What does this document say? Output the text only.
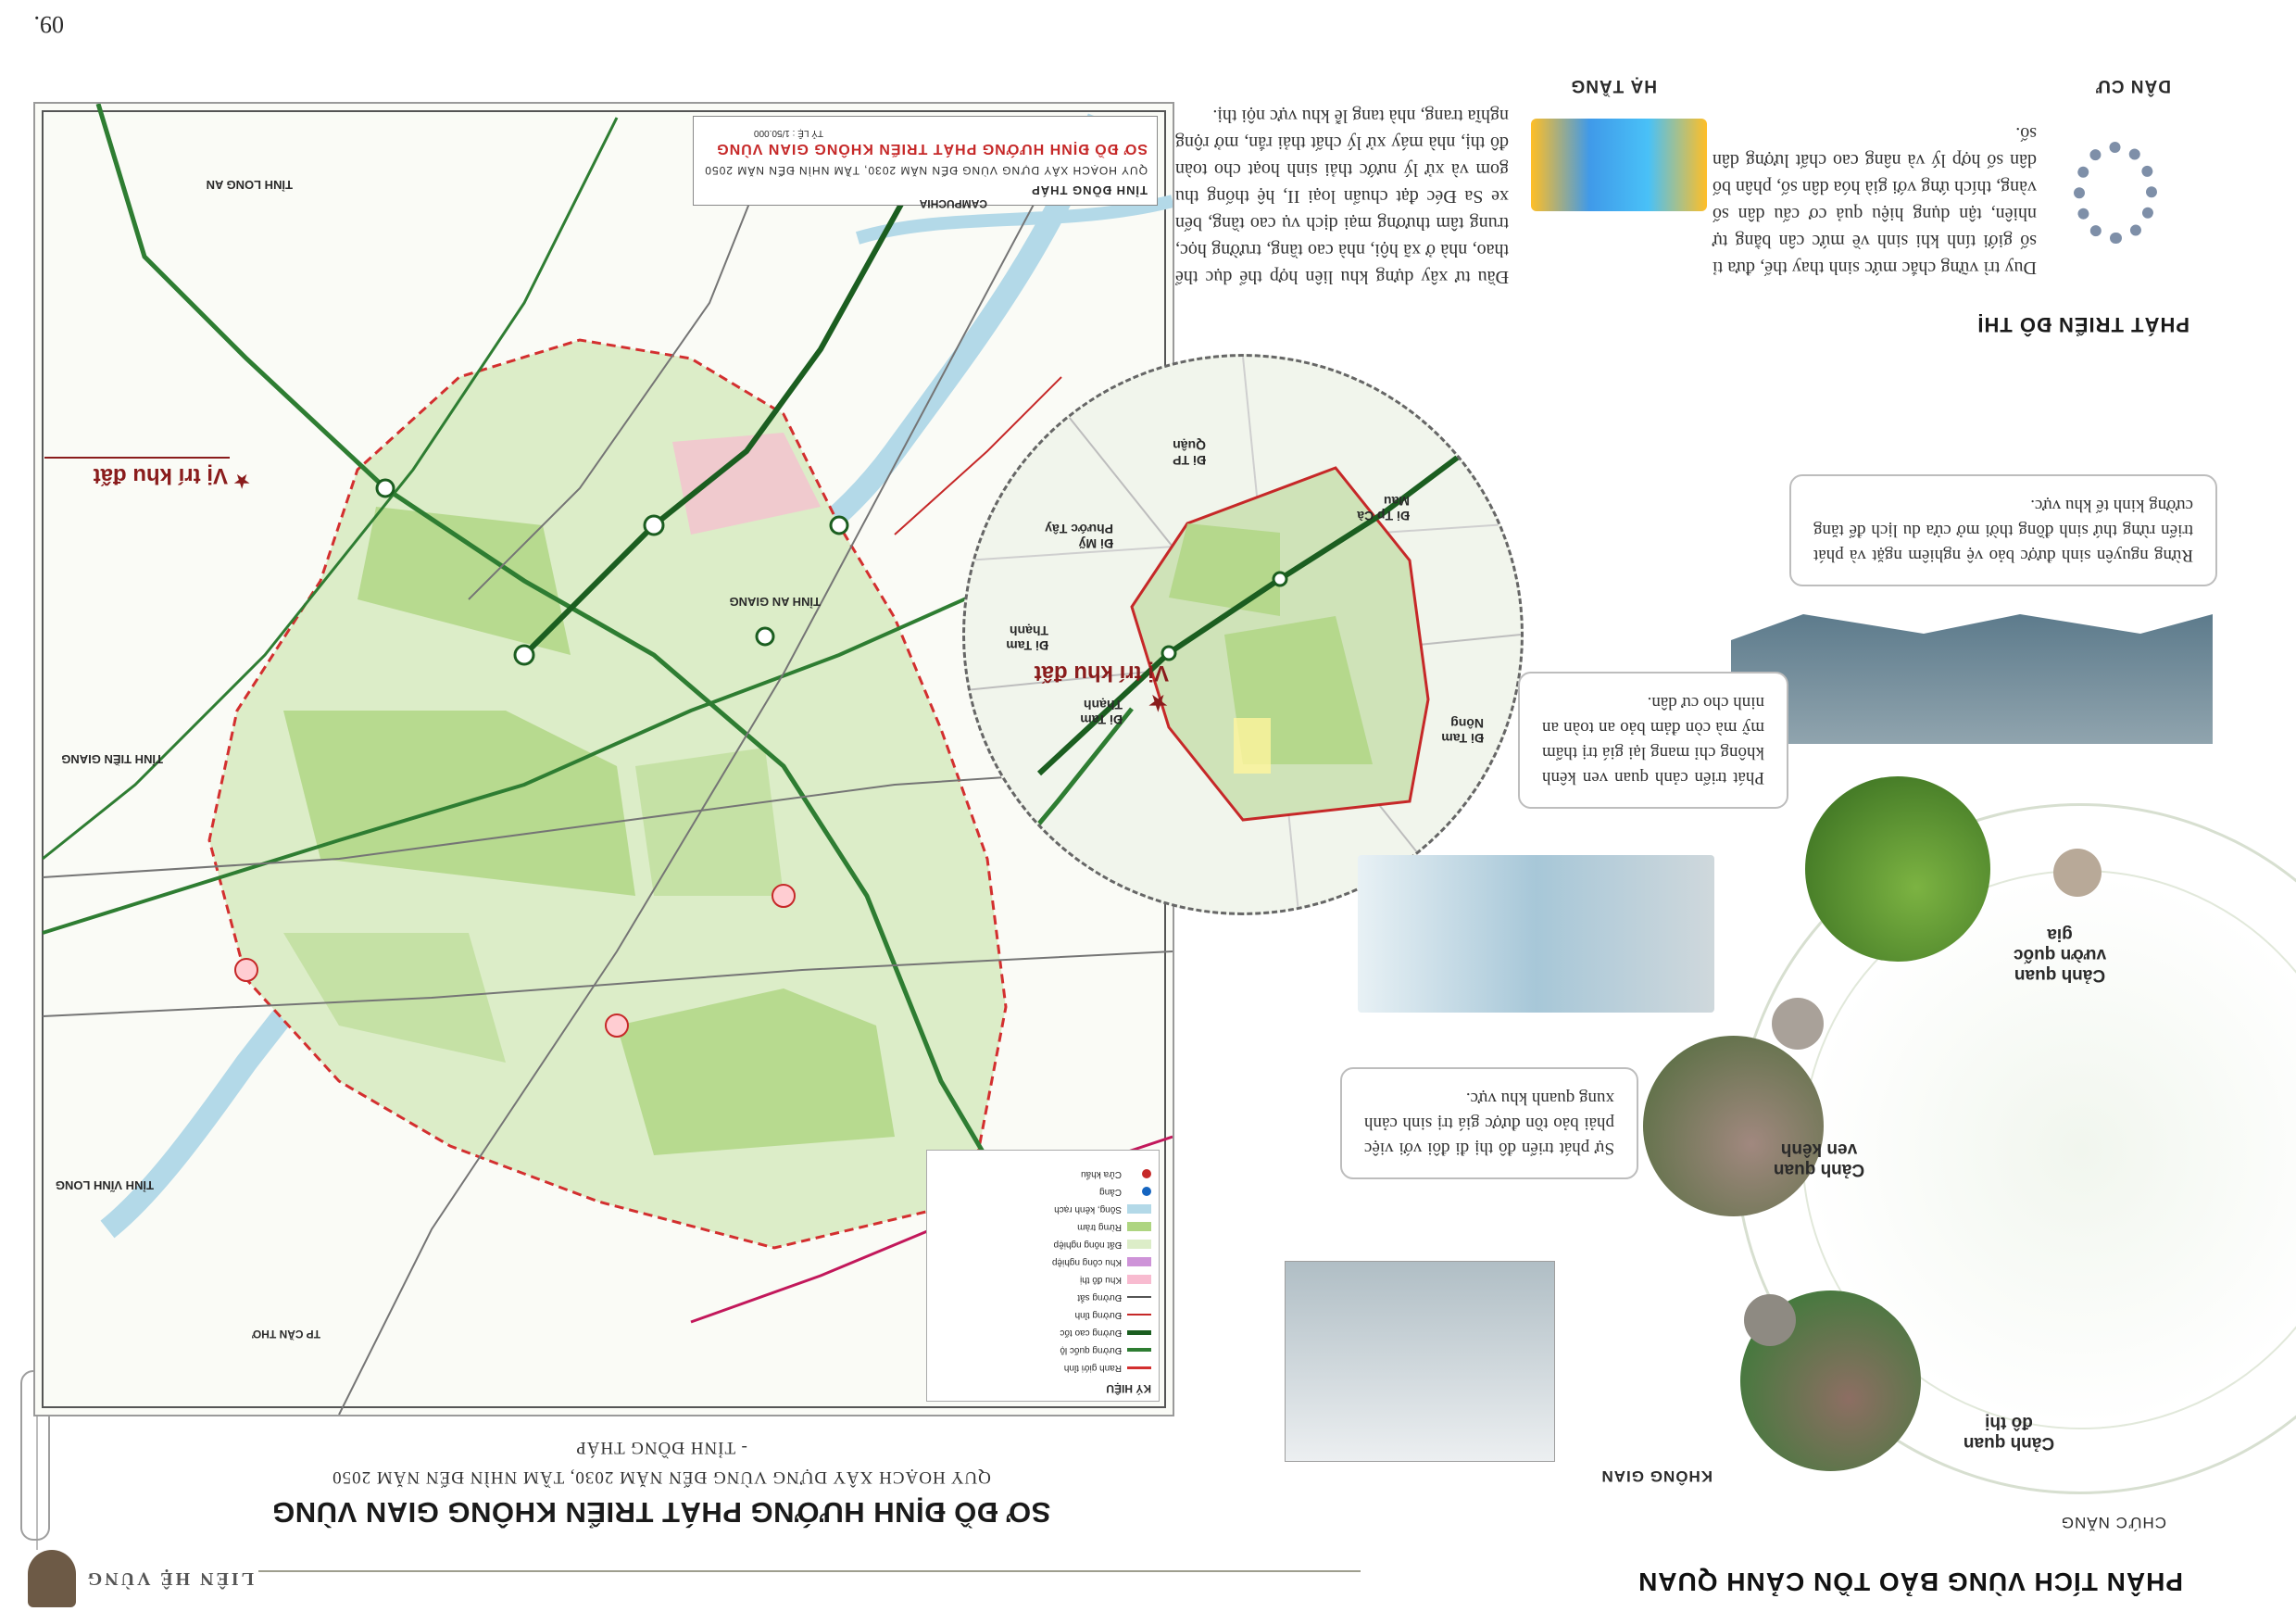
09.
LIÊN HỆ VÙNG
SƠ ĐỒ ĐỊNH HƯỚNG PHÁT TRIỂN KHÔNG GIAN VÙNG
QUY HOẠCH XÂY DỰNG VÙNG ĐẾN NĂM 2030, TẦM NHÌN ĐẾN NĂM 2050
- TỈNH ĐỒNG THÁP
★
TỈNH ĐỒNG THÁP
QUY HOẠCH XÂY DỰNG VÙNG ĐẾN NĂM 2030, TẦM NHÌN ĐẾN NĂM 2050
SƠ ĐỒ ĐỊNH HƯỚNG PHÁT TRIỂN KHÔNG GIAN VÙNG
TỶ LỆ : 1/50.000
Vị trí khu đất
TỈNH VĨNH LONG
TỈNH TIỀN GIANG
TỈNH AN GIANG
TỈNH LONG AN
CAMPUCHIA
TP CẦN THƠ
KÝ HIỆU
Ranh giới tỉnh
Đường quốc lộ
Đường cao tốc
Đường tỉnh
Đường sắt
Khu đô thị
Khu công nghiệp
Đất nông nghiệp
Rừng tràm
Sông, kênh rạch
Cảng
Cửa khẩu
★
Vị trí khu đất
Đi Tp Cà Mau
Đi Mỹ Phước Tây
Đi TP Quận
Đi Tam Thạnh
Đi Tam Thạnh
Đi Tam Nông
PHÁT TRIỂN ĐÔ THỊ
DÂN CƯ
Duy trì vững chắc mức sinh thay thế, đưa tỉ số giới tính khi sinh về mức cân bằng tự nhiên, tận dụng hiệu quả cơ cấu dân số vàng, thích ứng với già hóa dân số, phân bố dân số hợp lý và nâng cao chất lượng dân số.
HẠ TẦNG
Đầu tư xây dựng khu liên hợp thể dục thể thao, nhà ở xã hội, nhà cao tầng, trường học, trung tâm thương mại dịch vụ cao tầng, bến xe Sa Đéc đạt chuẩn loại II, hệ thống thu gom và xử lý nước thải sinh hoạt cho toàn đô thị, nhà máy xử lý chất thải rắn, mở rộng nghĩa trang, nhà tang lễ khu vực nội thị.
Rừng nguyên sinh được bảo vệ nghiêm ngặt và phát triển rừng thứ sinh đồng thời mở cửa du lịch để tăng cường kinh tế khu vực.
Phát triển cảnh quan ven kênh không chỉ mang lại giá trị thẩm mỹ mà còn đảm bảo an toàn an ninh cho cư dân.
Sự phát triển đô thị đi đôi với việc phải bảo tồn được giá trị sinh cảnh xung quanh khu vực.
KHÔNG GIAN
PHÂN TÍCH VÙNG BẢO TỒN CẢNH QUAN
CHỨC NĂNG
Cảnh quan vườn quốc gia
Cảnh quan ven kênh
Cảnh quan đô thị
